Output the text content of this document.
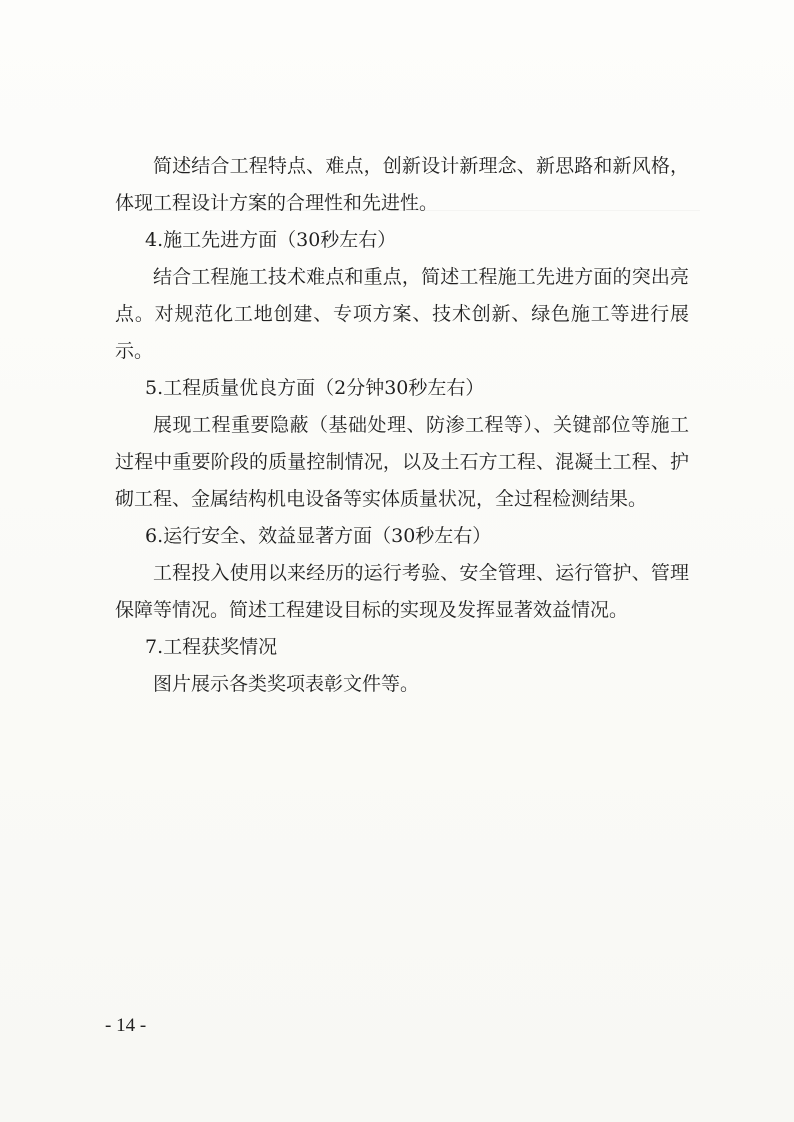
简述结合工程特点、难点，创新设计新理念、新思路和新风格，体现工程设计方案的合理性和先进性。

4.施工先进方面（30秒左右）

结合工程施工技术难点和重点，简述工程施工先进方面的突出亮点。对规范化工地创建、专项方案、技术创新、绿色施工等进行展示。

5.工程质量优良方面（2分钟30秒左右）

展现工程重要隐蔽（基础处理、防渗工程等）、关键部位等施工过程中重要阶段的质量控制情况，以及土石方工程、混凝土工程、护砌工程、金属结构机电设备等实体质量状况，全过程检测结果。

6.运行安全、效益显著方面（30秒左右）

工程投入使用以来经历的运行考验、安全管理、运行管护、管理保障等情况。简述工程建设目标的实现及发挥显著效益情况。

7.工程获奖情况

图片展示各类奖项表彰文件等。

- 14 -
